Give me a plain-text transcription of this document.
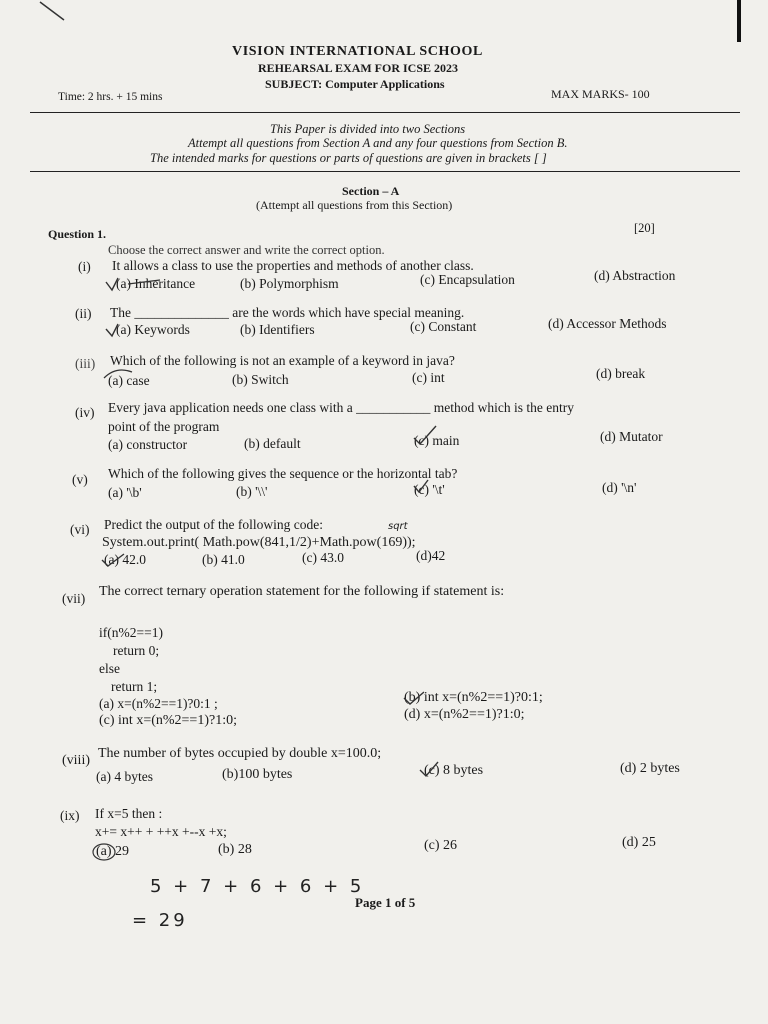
VISION INTERNATIONAL SCHOOL
REHEARSAL EXAM FOR ICSE 2023
SUBJECT: Computer Applications
Time: 2 hrs. + 15 mins	MAX MARKS- 100
This Paper is divided into two Sections
Attempt all questions from Section A and any four questions from Section B.
The intended marks for questions or parts of questions are given in brackets [ ]
Section – A
(Attempt all questions from this Section)
Question 1.	[20]
Choose the correct answer and write the correct option.
(i) It allows a class to use the properties and methods of another class.
(a) Inheritance	(b) Polymorphism	(c) Encapsulation	(d) Abstraction
(ii) The ______________ are the words which have special meaning.
(a) Keywords	(b) Identifiers	(c) Constant	(d) Accessor Methods
(iii) Which of the following is not an example of a keyword in java?
(a) case	(b) Switch	(c) int	(d) break
(iv) Every java application needs one class with a ___________ method which is the entry
point of the program
(a) constructor	(b) default	(c) main	(d) Mutator
(v) Which of the following gives the sequence or the horizontal tab?
(a) '\b'	(b) '\\'	(c) '\t'	(d) '\n'
(vi) Predict the output of the following code:	sqrt
System.out.print( Math.pow(841,1/2)+Math.pow(169));
(a) 42.0	(b) 41.0	(c) 43.0	(d)42
(vii) The correct ternary operation statement for the following if statement is:
if(n%2==1)
return 0;
else
return 1;
(a) x=(n%2==1)?0:1 ;	(b) int x=(n%2==1)?0:1;
(c) int x=(n%2==1)?1:0;	(d) x=(n%2==1)?1:0;
(viii) The number of bytes occupied by double x=100.0;
(a) 4 bytes	(b)100 bytes	(c) 8 bytes	(d) 2 bytes
(ix) If x=5 then :
x+= x++ + ++x +--x +x;
(a) 29	(b) 28	(c) 26	(d) 25
5 + 7 + 6 + 6 + 5
= 29
Page 1 of 5
